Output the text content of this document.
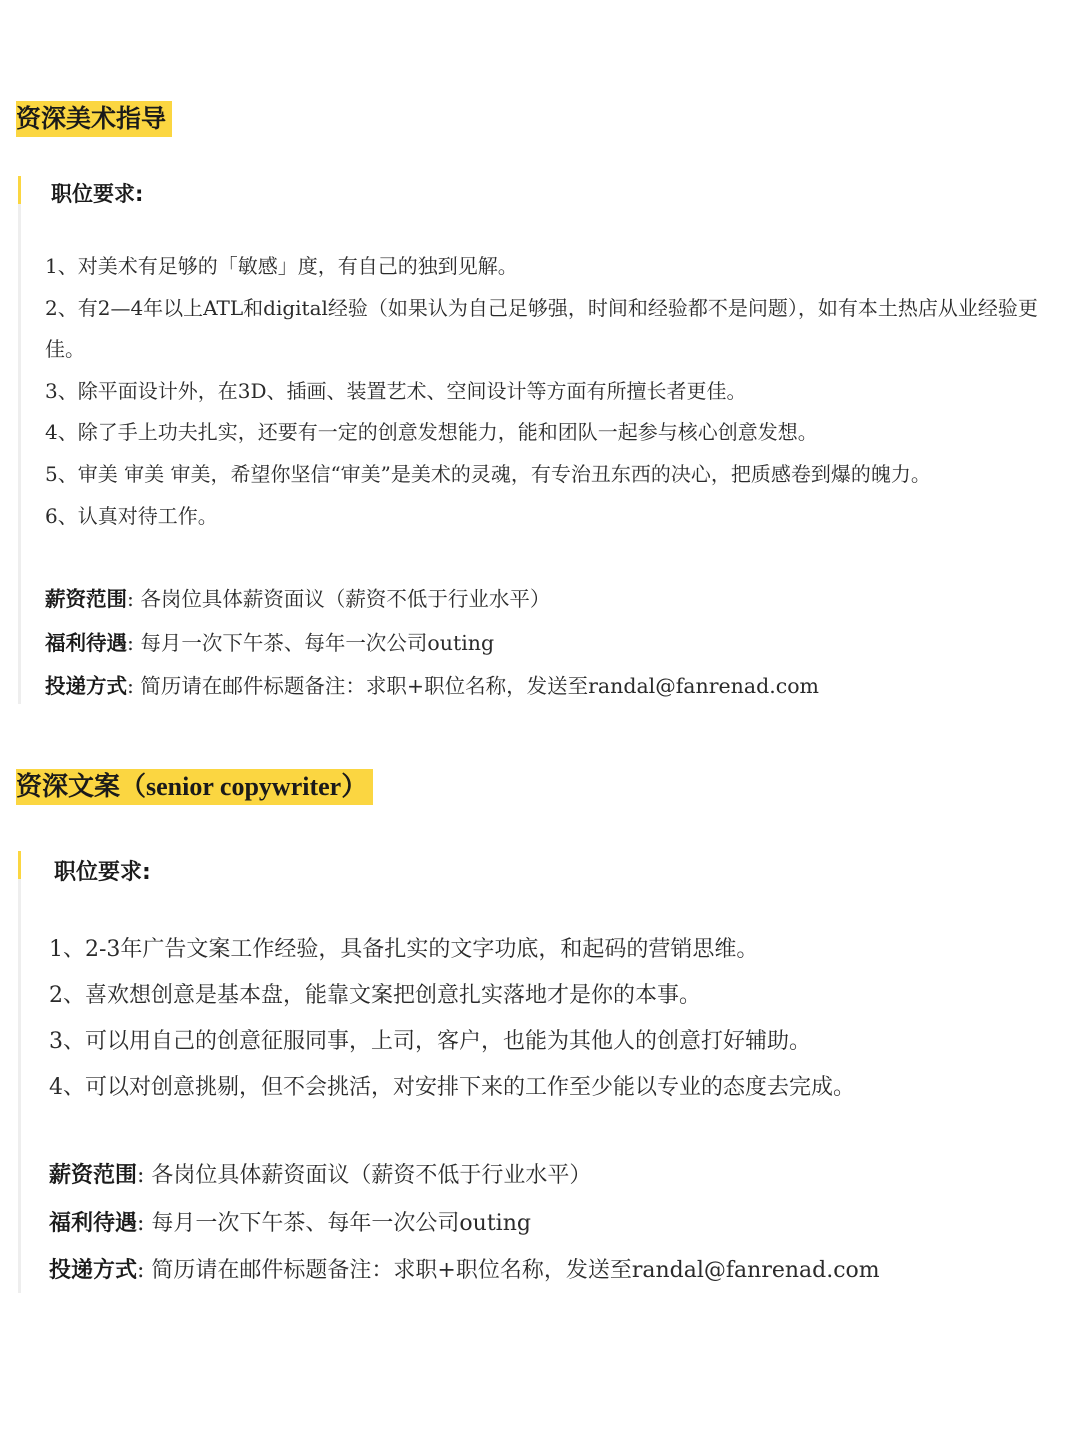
资深美术指导
职位要求:
1、对美术有足够的「敏感」度，有自己的独到见解。
2、有2—4年以上ATL和digital经验（如果认为自己足够强，时间和经验都不是问题），如有本土热店从业经验更佳。
3、除平面设计外，在3D、插画、装置艺术、空间设计等方面有所擅长者更佳。
4、除了手上功夫扎实，还要有一定的创意发想能力，能和团队一起参与核心创意发想。
5、审美 审美 审美，希望你坚信“审美”是美术的灵魂，有专治丑东西的决心，把质感卷到爆的魄力。
6、认真对待工作。
薪资范围: 各岗位具体薪资面议（薪资不低于行业水平）
福利待遇: 每月一次下午茶、每年一次公司outing
投递方式: 简历请在邮件标题备注：求职+职位名称，发送至randal@fanrenad.com
资深文案（senior copywriter）
职位要求:
1、2-3年广告文案工作经验，具备扎实的文字功底，和起码的营销思维。
2、喜欢想创意是基本盘，能靠文案把创意扎实落地才是你的本事。
3、可以用自己的创意征服同事，上司，客户，也能为其他人的创意打好辅助。
4、可以对创意挑剔，但不会挑活，对安排下来的工作至少能以专业的态度去完成。
薪资范围: 各岗位具体薪资面议（薪资不低于行业水平）
福利待遇: 每月一次下午茶、每年一次公司outing
投递方式: 简历请在邮件标题备注：求职+职位名称，发送至randal@fanrenad.com
